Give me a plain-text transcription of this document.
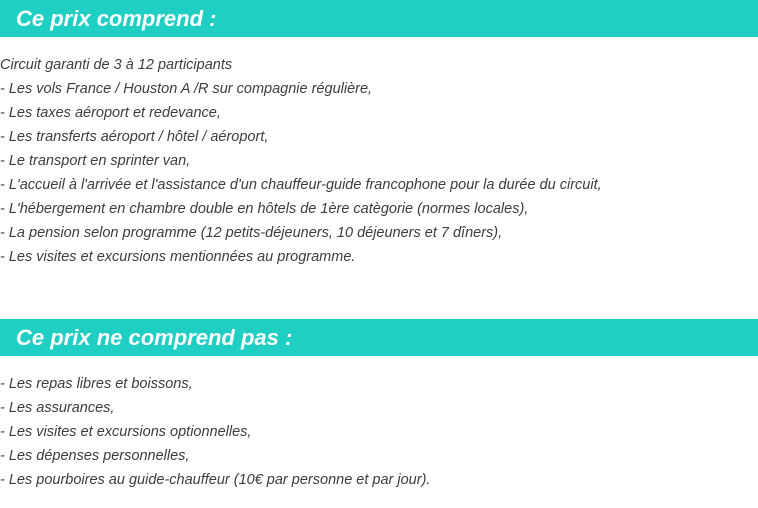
Ce prix comprend :
Circuit garanti de 3 à 12 participants
- Les vols France / Houston A /R sur compagnie régulière,
- Les taxes aéroport et redevance,
- Les transferts aéroport / hôtel / aéroport,
- Le transport en sprinter van,
- L'accueil à l'arrivée et l'assistance d'un chauffeur-guide francophone pour la durée du circuit,
- L'hébergement en chambre double en hôtels de 1ère catègorie (normes locales),
- La pension selon programme (12 petits-déjeuners, 10 déjeuners et 7 dîners),
- Les visites et excursions mentionnées au programme.
Ce prix ne comprend pas :
- Les repas libres et boissons,
- Les assurances,
- Les visites et excursions optionnelles,
- Les dépenses personnelles,
- Les pourboires au guide-chauffeur (10€ par personne et par jour).
